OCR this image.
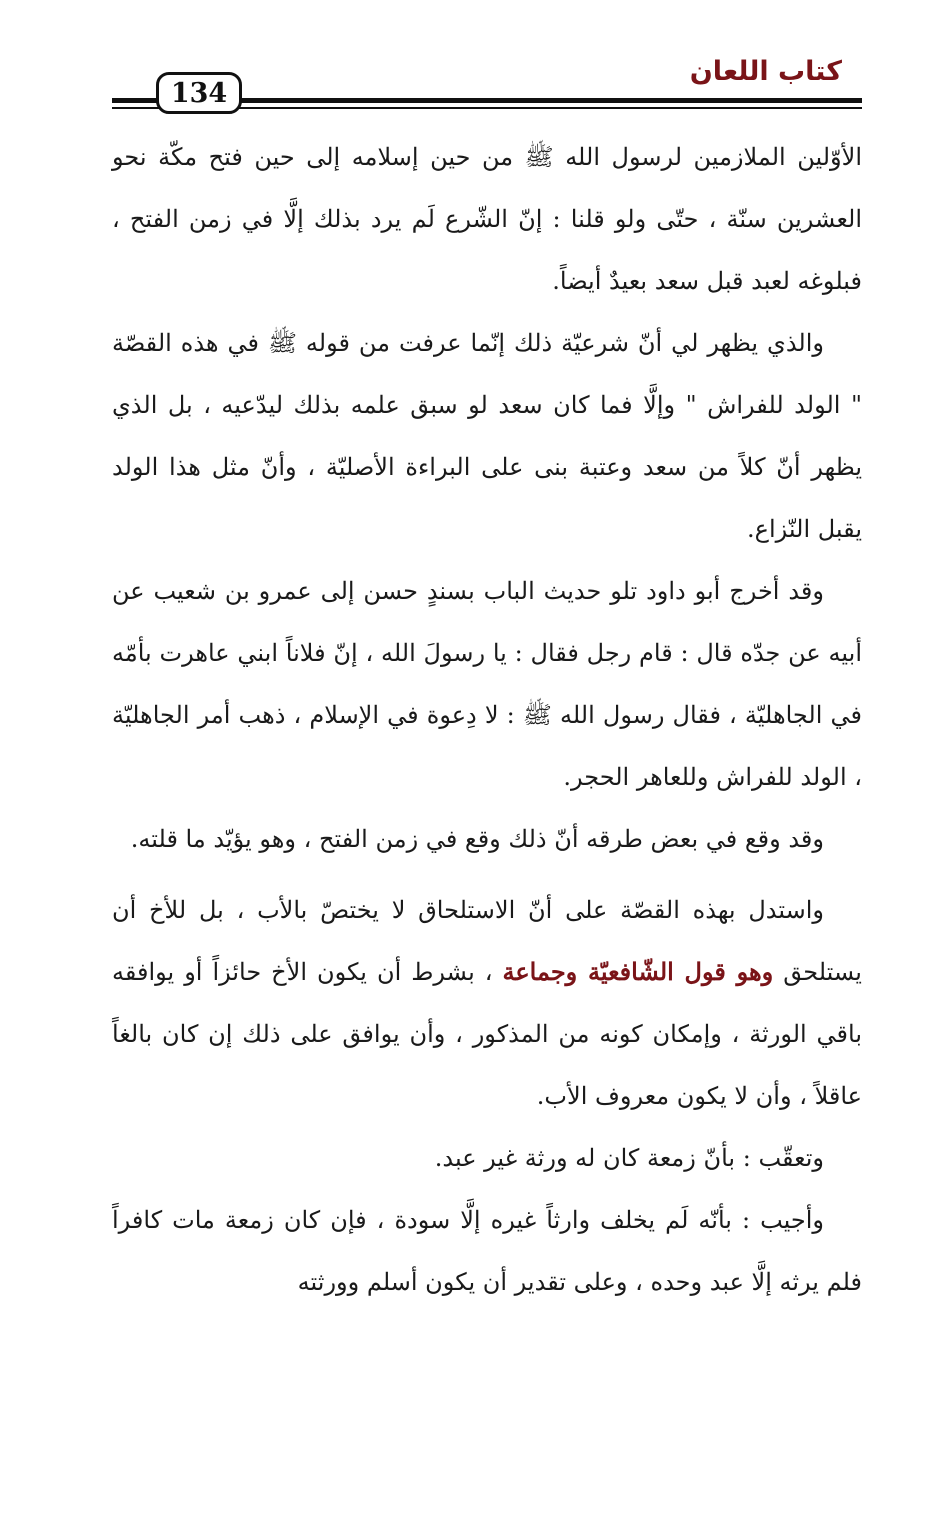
كتاب اللعان
134

الأوّلين الملازمين لرسول الله ﷺ من حين إسلامه إلى حين فتح مكّة نحو العشرين سنّة ، حتّى ولو قلنا : إنّ الشّرع لَم يرد بذلك إلَّا في زمن الفتح ، فبلوغه لعبد قبل سعد بعيدٌ أيضاً.

والذي يظهر لي أنّ شرعيّة ذلك إنّما عرفت من قوله ﷺ في هذه القصّة " الولد للفراش " وإلَّا فما كان سعد لو سبق علمه بذلك ليدّعيه ، بل الذي يظهر أنّ كلاً من سعد وعتبة بنى على البراءة الأصليّة ، وأنّ مثل هذا الولد يقبل النّزاع.

وقد أخرج أبو داود تلو حديث الباب بسندٍ حسن إلى عمرو بن شعيب عن أبيه عن جدّه قال : قام رجل فقال : يا رسولَ الله ، إنّ فلاناً ابني عاهرت بأمّه في الجاهليّة ، فقال رسول الله ﷺ : لا دِعوة في الإسلام ، ذهب أمر الجاهليّة ، الولد للفراش وللعاهر الحجر.

وقد وقع في بعض طرقه أنّ ذلك وقع في زمن الفتح ، وهو يؤيّد ما قلته.

واستدل بهذه القصّة على أنّ الاستلحاق لا يختصّ بالأب ، بل للأخ أن يستلحق وهو قول الشّافعيّة وجماعة ، بشرط أن يكون الأخ حائزاً أو يوافقه باقي الورثة ، وإمكان كونه من المذكور ، وأن يوافق على ذلك إن كان بالغاً عاقلاً ، وأن لا يكون معروف الأب.

وتعقّب : بأنّ زمعة كان له ورثة غير عبد.

وأجيب : بأنّه لَم يخلف وارثاً غيره إلَّا سودة ، فإن كان زمعة مات كافراً فلم يرثه إلَّا عبد وحده ، وعلى تقدير أن يكون أسلم وورثته
